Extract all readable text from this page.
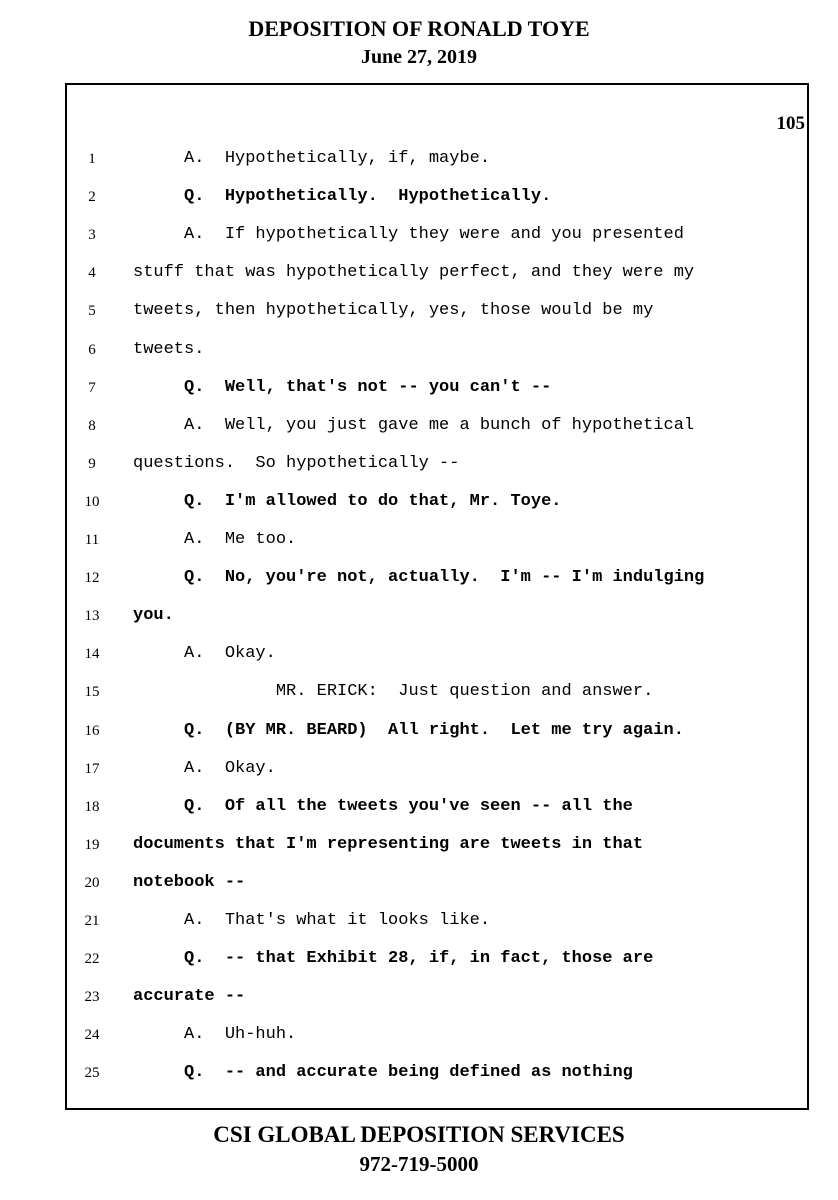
DEPOSITION OF RONALD TOYE
June 27, 2019
105
1	A.  Hypothetically, if, maybe.
2	Q.  Hypothetically.  Hypothetically.
3	A.  If hypothetically they were and you presented
4	stuff that was hypothetically perfect, and they were my
5	tweets, then hypothetically, yes, those would be my
6	tweets.
7	Q.  Well, that's not -- you can't --
8	A.  Well, you just gave me a bunch of hypothetical
9	questions.  So hypothetically --
10	Q.  I'm allowed to do that, Mr. Toye.
11	A.  Me too.
12	Q.  No, you're not, actually.  I'm -- I'm indulging
13	you.
14	A.  Okay.
15	MR. ERICK:  Just question and answer.
16	Q.  (BY MR. BEARD)  All right.  Let me try again.
17	A.  Okay.
18	Q.  Of all the tweets you've seen -- all the
19	documents that I'm representing are tweets in that
20	notebook --
21	A.  That's what it looks like.
22	Q.  -- that Exhibit 28, if, in fact, those are
23	accurate --
24	A.  Uh-huh.
25	Q.  -- and accurate being defined as nothing
CSI GLOBAL DEPOSITION SERVICES
972-719-5000
